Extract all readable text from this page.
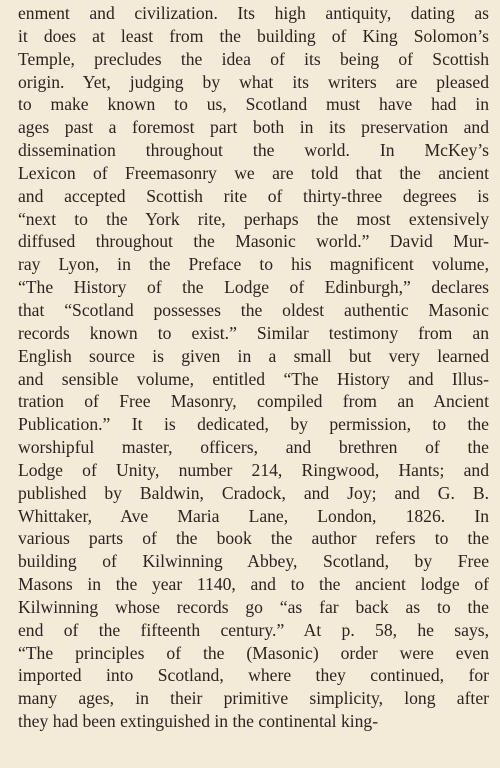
enment and civilization. Its high antiquity, dating as
it does at least from the building of King Solomon’s
Temple, precludes the idea of its being of Scottish
origin. Yet, judging by what its writers are pleased
to make known to us, Scotland must have had in
ages past a foremost part both in its preservation and
dissemination throughout the world. In McKey’s
Lexicon of Freemasonry we are told that the ancient
and accepted Scottish rite of thirty-three degrees is
“next to the York rite, perhaps the most extensively
diffused throughout the Masonic world.” David Mur-
ray Lyon, in the Preface to his magnificent volume,
“The History of the Lodge of Edinburgh,” declares
that “Scotland possesses the oldest authentic Masonic
records known to exist.” Similar testimony from an
English source is given in a small but very learned
and sensible volume, entitled “The History and Illus-
tration of Free Masonry, compiled from an Ancient
Publication.” It is dedicated, by permission, to the
worshipful master, officers, and brethren of the
Lodge of Unity, number 214, Ringwood, Hants; and
published by Baldwin, Cradock, and Joy; and G. B.
Whittaker, Ave Maria Lane, London, 1826. In
various parts of the book the author refers to the
building of Kilwinning Abbey, Scotland, by Free
Masons in the year 1140, and to the ancient lodge of
Kilwinning whose records go “as far back as to the
end of the fifteenth century.” At p. 58, he says,
“The principles of the (Masonic) order were even
imported into Scotland, where they continued, for
many ages, in their primitive simplicity, long after
they had been extinguished in the continental king-
